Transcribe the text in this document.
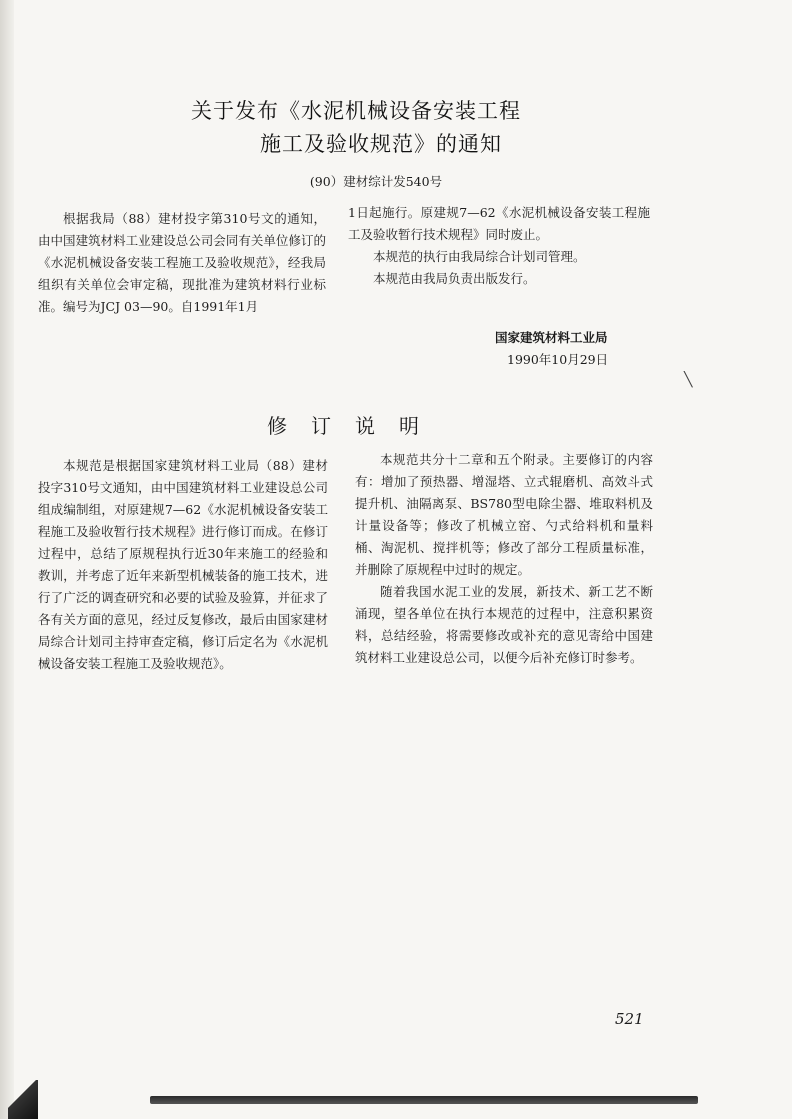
关于发布《水泥机械设备安装工程
施工及验收规范》的通知
(90）建材综计发540号

根据我局（88）建材投字第310号文的通知，由中国建筑材料工业建设总公司会同有关单位修订的《水泥机械设备安装工程施工及验收规范》，经我局组织有关单位会审定稿，现批准为建筑材料行业标准。编号为JCJ 03—90。自1991年1月

1日起施行。原建规7—62《水泥机械设备安装工程施工及验收暂行技术规程》同时废止。

本规范的执行由我局综合计划司管理。

本规范由我局负责出版发行。

国家建筑材料工业局
1990年10月29日
╲
修订说明

本规范是根据国家建筑材料工业局（88）建材投字310号文通知，由中国建筑材料工业建设总公司组成编制组，对原建规7—62《水泥机械设备安装工程施工及验收暂行技术规程》进行修订而成。在修订过程中，总结了原规程执行近30年来施工的经验和教训，并考虑了近年来新型机械装备的施工技术，进行了广泛的调查研究和必要的试验及验算，并征求了各有关方面的意见，经过反复修改，最后由国家建材局综合计划司主持审查定稿，修订后定名为《水泥机械设备安装工程施工及验收规范》。

本规范共分十二章和五个附录。主要修订的内容有：增加了预热器、增湿塔、立式辊磨机、高效斗式提升机、油隔离泵、BS780型电除尘器、堆取料机及计量设备等；修改了机械立窑、勺式给料机和量料桶、淘泥机、搅拌机等；修改了部分工程质量标准，并删除了原规程中过时的规定。

随着我国水泥工业的发展，新技术、新工艺不断涌现，望各单位在执行本规范的过程中，注意积累资料，总结经验，将需要修改或补充的意见寄给中国建筑材料工业建设总公司，以便今后补充修订时参考。

521
